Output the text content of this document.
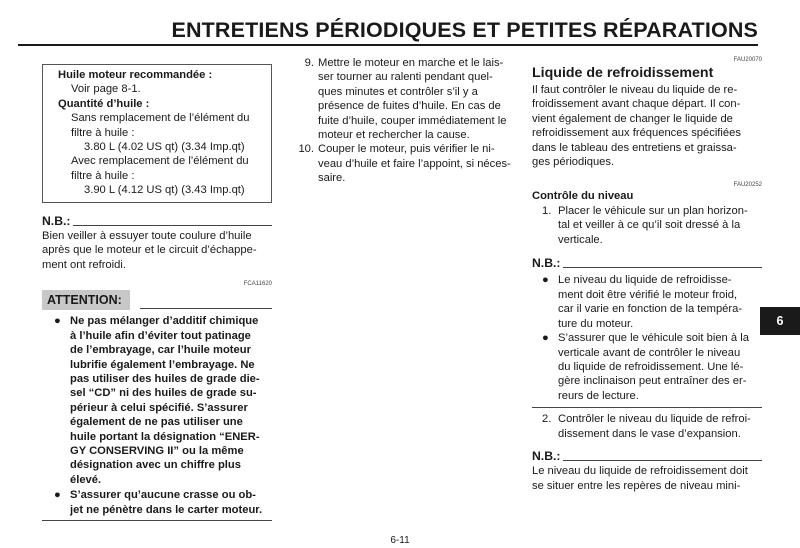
ENTRETIENS PÉRIODIQUES ET PETITES RÉPARATIONS
Huile moteur recommandée :
Voir page 8-1.
Quantité d’huile :
Sans remplacement de l’élément du
filtre à huile :
3.80 L (4.02 US qt) (3.34 Imp.qt)
Avec remplacement de l’élément du
filtre à huile :
3.90 L (4.12 US qt) (3.43 Imp.qt)
N.B.:
Bien veiller à essuyer toute coulure d’huile
après que le moteur et le circuit d’échappe-
ment ont refroidi.
FCA11620
ATTENTION:
● Ne pas mélanger d’additif chimique
à l’huile afin d’éviter tout patinage
de l’embrayage, car l’huile moteur
lubrifie également l’embrayage. Ne
pas utiliser des huiles de grade die-
sel “CD” ni des huiles de grade su-
périeur à celui spécifié. S’assurer
également de ne pas utiliser une
huile portant la désignation “ENER-
GY CONSERVING II” ou la même
désignation avec un chiffre plus
élevé.
● S’assurer qu’aucune crasse ou ob-
jet ne pénètre dans le carter moteur.
9. Mettre le moteur en marche et le lais-
ser tourner au ralenti pendant quel-
ques minutes et contrôler s’il y a
présence de fuites d’huile. En cas de
fuite d’huile, couper immédiatement le
moteur et rechercher la cause.
10. Couper le moteur, puis vérifier le ni-
veau d’huile et faire l’appoint, si néces-
saire.
FAU20070
Liquide de refroidissement
Il faut contrôler le niveau du liquide de re-
froidissement avant chaque départ. Il con-
vient également de changer le liquide de
refroidissement aux fréquences spécifiées
dans le tableau des entretiens et graissa-
ges périodiques.
FAU20252
Contrôle du niveau
1. Placer le véhicule sur un plan horizon-
tal et veiller à ce qu’il soit dressé à la
verticale.
N.B.:
● Le niveau du liquide de refroidisse-
ment doit être vérifié le moteur froid,
car il varie en fonction de la tempéra-
ture du moteur.
● S’assurer que le véhicule soit bien à la
verticale avant de contrôler le niveau
du liquide de refroidissement. Une lé-
gère inclinaison peut entraîner des er-
reurs de lecture.
2. Contrôler le niveau du liquide de refroi-
dissement dans le vase d’expansion.
N.B.:
Le niveau du liquide de refroidissement doit
se situer entre les repères de niveau mini-
6
6-11
